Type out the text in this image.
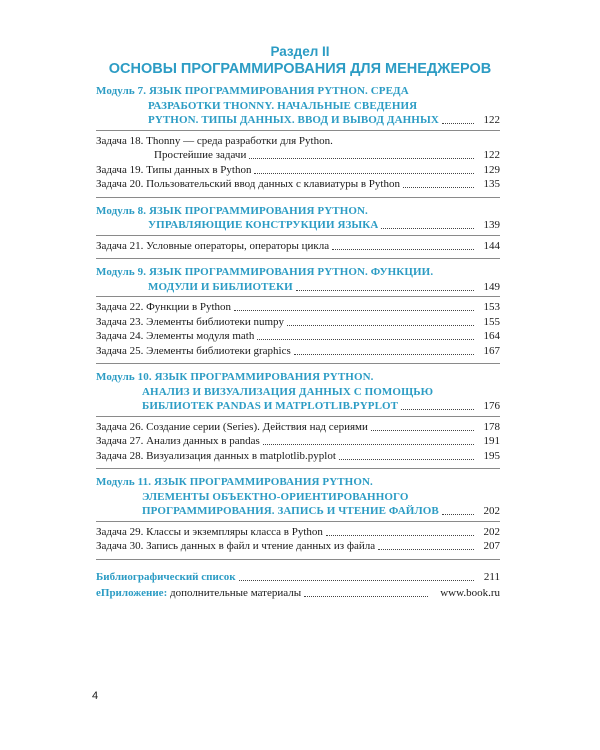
Раздел II
ОСНОВЫ ПРОГРАММИРОВАНИЯ ДЛЯ МЕНЕДЖЕРОВ
Модуль 7. ЯЗЫК ПРОГРАММИРОВАНИЯ PYTHON. СРЕДА
РАЗРАБОТКИ THONNY. НАЧАЛЬНЫЕ СВЕДЕНИЯ
PYTHON. ТИПЫ ДАННЫХ. ВВОД И ВЫВОД ДАННЫХ	122
Задача 18. Thonny — среда разработки для Python.
Простейшие задачи	122
Задача 19. Типы данных в Python	129
Задача 20. Пользовательский ввод данных с клавиатуры в Python	135
Модуль 8. ЯЗЫК ПРОГРАММИРОВАНИЯ PYTHON.
УПРАВЛЯЮЩИЕ КОНСТРУКЦИИ ЯЗЫКА	139
Задача 21. Условные операторы, операторы цикла	144
Модуль 9. ЯЗЫК ПРОГРАММИРОВАНИЯ PYTHON. ФУНКЦИИ.
МОДУЛИ И БИБЛИОТЕКИ	149
Задача 22. Функции в Python	153
Задача 23. Элементы библиотеки numpy	155
Задача 24. Элементы модуля math	164
Задача 25. Элементы библиотеки graphics	167
Модуль 10. ЯЗЫК ПРОГРАММИРОВАНИЯ PYTHON.
АНАЛИЗ И ВИЗУАЛИЗАЦИЯ ДАННЫХ С ПОМОЩЬЮ
БИБЛИОТЕК PANDAS И MATPLOTLIB.PYPLOT	176
Задача 26. Создание серии (Series). Действия над сериями	178
Задача 27. Анализ данных в pandas	191
Задача 28. Визуализация данных в matplotlib.pyplot	195
Модуль 11. ЯЗЫК ПРОГРАММИРОВАНИЯ PYTHON.
ЭЛЕМЕНТЫ ОБЪЕКТНО-ОРИЕНТИРОВАННОГО
ПРОГРАММИРОВАНИЯ. ЗАПИСЬ И ЧТЕНИЕ ФАЙЛОВ	202
Задача 29. Классы и экземпляры класса в Python	202
Задача 30. Запись данных в файл и чтение данных из файла	207
Библиографический список	211
еПриложение: дополнительные материалы	www.book.ru
4
